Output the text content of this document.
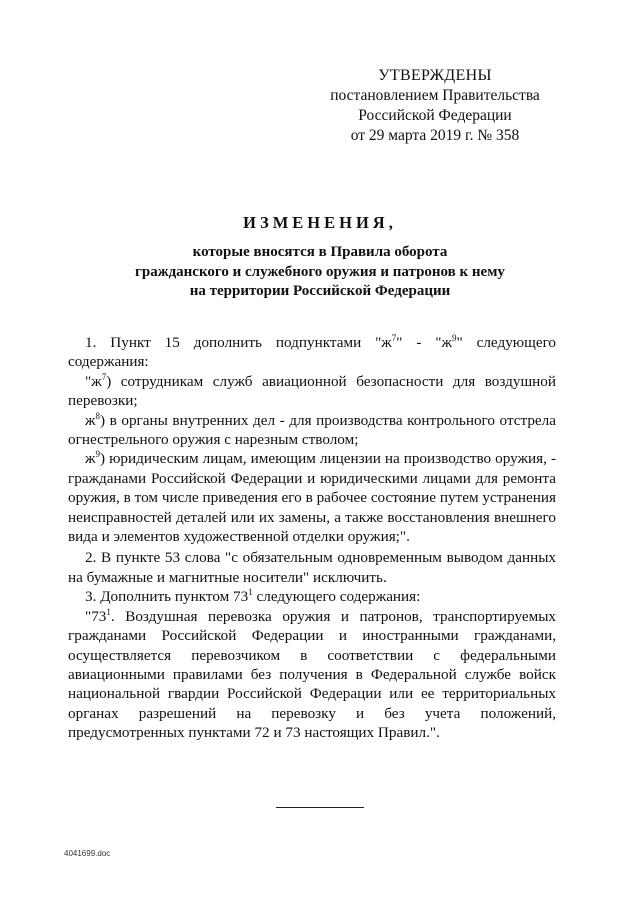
УТВЕРЖДЕНЫ
постановлением Правительства
Российской Федерации
от 29 марта 2019 г. № 358
ИЗМЕНЕНИЯ,
которые вносятся в Правила оборота
гражданского и служебного оружия и патронов к нему
на территории Российской Федерации

1. Пункт 15 дополнить подпунктами "$ж^7$" - "$ж^9$" следующего содержания:

"$ж^7$) сотрудникам служб авиационной безопасности для воздушной перевозки;

$ж^8$) в органы внутренних дел - для производства контрольного отстрела огнестрельного оружия с нарезным стволом;

$ж^9$) юридическим лицам, имеющим лицензии на производство оружия, - гражданами Российской Федерации и юридическими лицами для ремонта оружия, в том числе приведения его в рабочее состояние путем устранения неисправностей деталей или их замены, а также восстановления внешнего вида и элементов художественной отделки оружия;".

2. В пункте 53 слова "с обязательным одновременным выводом данных на бумажные и магнитные носители" исключить.

3. Дополнить пунктом $73^1$ следующего содержания:

"$73^1$. Воздушная перевозка оружия и патронов, транспортируемых гражданами Российской Федерации и иностранными гражданами, осуществляется перевозчиком в соответствии с федеральными авиационными правилами без получения в Федеральной службе войск национальной гвардии Российской Федерации или ее территориальных органах разрешений на перевозку и без учета положений, предусмотренных пунктами 72 и 73 настоящих Правил.".

4041699.doc
